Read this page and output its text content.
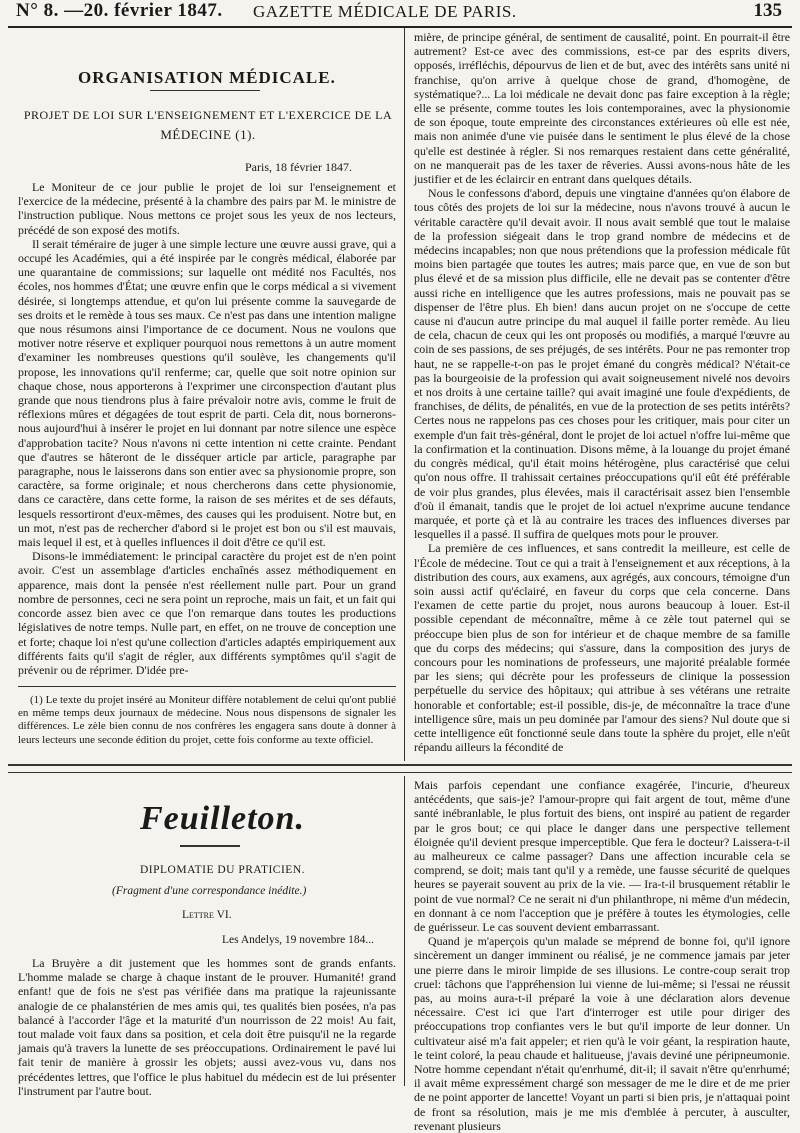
N° 8. —20. février 1847. GAZETTE MÉDICALE DE PARIS.	135
ORGANISATION MÉDICALE.
PROJET DE LOI SUR L'ENSEIGNEMENT ET L'EXERCICE DE LA
MÉDECINE (1).
Paris, 18 février 1847.

Le Moniteur de ce jour publie le projet de loi sur l'enseignement et l'exercice de la médecine, présenté à la chambre des pairs par M. le ministre de l'instruction publique. Nous mettons ce projet sous les yeux de nos lecteurs, précédé de son exposé des motifs.

Il serait téméraire de juger à une simple lecture une œuvre aussi grave, qui a occupé les Académies, qui a été inspirée par le congrès médical, élaborée par une quarantaine de commissions; sur laquelle ont médité nos Facultés, nos écoles, nos hommes d'État; une œuvre enfin que le corps médical a si vivement désirée, si longtemps attendue, et qu'on lui présente comme la sauvegarde de ses droits et le remède à tous ses maux. Ce n'est pas dans une intention maligne que nous résumons ainsi l'importance de ce document. Nous ne voulons que motiver notre réserve et expliquer pourquoi nous remettons à un autre moment d'examiner les nombreuses questions qu'il soulève, les changements qu'il propose, les innovations qu'il renferme; car, quelle que soit notre opinion sur chaque chose, nous apporterons à l'exprimer une circonspection d'autant plus grande que nous tiendrons plus à faire prévaloir notre avis, comme le fruit de réflexions mûres et dégagées de tout esprit de parti. Cela dit, nous bornerons-nous aujourd'hui à insérer le projet en lui donnant par notre silence une espèce d'approbation tacite? Nous n'avons ni cette intention ni cette crainte. Pendant que d'autres se hâteront de le disséquer article par article, paragraphe par paragraphe, nous le laisserons dans son entier avec sa physionomie propre, son caractère, sa forme originale; et nous chercherons dans cette physionomie, dans ce caractère, dans cette forme, la raison de ses mérites et de ses défauts, lesquels ressortiront d'eux-mêmes, des causes qui les produisent. Notre but, en un mot, n'est pas de rechercher d'abord si le projet est bon ou s'il est mauvais, mais lequel il est, et à quelles influences il doit d'être ce qu'il est.

Disons-le immédiatement: le principal caractère du projet est de n'en point avoir. C'est un assemblage d'articles enchaînés assez méthodiquement en apparence, mais dont la pensée n'est réellement nulle part. Pour un grand nombre de personnes, ceci ne sera point un reproche, mais un fait, et un fait qui concorde assez bien avec ce que l'on remarque dans toutes les productions législatives de notre temps. Nulle part, en effet, on ne trouve de conception une et forte; chaque loi n'est qu'une collection d'articles adaptés empiriquement aux différents faits qu'il s'agit de régler, aux différents symptômes qu'il s'agit de prévenir ou de réprimer. D'idée pre-

(1) Le texte du projet inséré au Moniteur diffère notablement de celui qu'ont publié en même temps deux journaux de médecine. Nous nous dispensons de signaler les différences. Le zèle bien connu de nos confrères les engagera sans doute à donner à leurs lecteurs une seconde édition du projet, cette fois conforme au texte officiel.

mière, de principe général, de sentiment de causalité, point. En pourrait-il être autrement? Est-ce avec des commissions, est-ce par des esprits divers, opposés, irréfléchis, dépourvus de lien et de but, avec des intérêts sans unité ni franchise, qu'on arrive à quelque chose de grand, d'homogène, de systématique?... La loi médicale ne devait donc pas faire exception à la règle; elle se présente, comme toutes les lois contemporaines, avec la physionomie de son époque, toute empreinte des circonstances extérieures où elle est née, mais non animée d'une vie puisée dans le sentiment le plus élevé de la chose qu'elle est destinée à régler. Si nos remarques restaient dans cette généralité, on ne manquerait pas de les taxer de rêveries. Aussi avons-nous hâte de les justifier et de les éclaircir en entrant dans quelques détails.

Nous le confessons d'abord, depuis une vingtaine d'années qu'on élabore de tous côtés des projets de loi sur la médecine, nous n'avons trouvé à aucun le véritable caractère qu'il devait avoir. Il nous avait semblé que tout le malaise de la profession siégeait dans le trop grand nombre de médecins et de médecins incapables; non que nous prétendions que la profession médicale fût moins bien partagée que toutes les autres; mais parce que, en vue de son but plus élevé et de sa mission plus difficile, elle ne devait pas se contenter d'être aussi riche en intelligence que les autres professions, mais ne pouvait pas se dispenser de l'être plus. Eh bien! dans aucun projet on ne s'occupe de cette cause ni d'aucun autre principe du mal auquel il faille porter remède. Au lieu de cela, chacun de ceux qui les ont proposés ou modifiés, a marqué l'œuvre au coin de ses passions, de ses préjugés, de ses intérêts. Pour ne pas remonter trop haut, ne se rappelle-t-on pas le projet émané du congrès médical? N'était-ce pas la bourgeoisie de la profession qui avait soigneusement nivelé nos devoirs et nos droits à une certaine taille? qui avait imaginé une foule d'expédients, de franchises, de délits, de pénalités, en vue de la protection de ses petits intérêts? Certes nous ne rappelons pas ces choses pour les critiquer, mais pour citer un exemple d'un fait très-général, dont le projet de loi actuel n'offre lui-même que la confirmation et la continuation. Disons même, à la louange du projet émané du congrès médical, qu'il était moins hétérogène, plus caractérisé que celui qu'on nous offre. Il trahissait certaines préoccupations qu'il eût été préférable de voir plus grandes, plus élevées, mais il caractérisait assez bien l'ensemble d'où il émanait, tandis que le projet de loi actuel n'exprime aucune tendance marquée, et porte çà et là au contraire les traces des influences diverses par lesquelles il a passé. Il suffira de quelques mots pour le prouver.

La première de ces influences, et sans contredit la meilleure, est celle de l'École de médecine. Tout ce qui a trait à l'enseignement et aux réceptions, à la distribution des cours, aux examens, aux agrégés, aux concours, témoigne d'un soin aussi actif qu'éclairé, en faveur du corps que cela concerne. Dans l'examen de cette partie du projet, nous aurons beaucoup à louer. Est-il possible cependant de méconnaître, même à ce zèle tout paternel qui se préoccupe bien plus de son for intérieur et de chaque membre de sa famille que du corps des médecins; qui s'assure, dans la composition des jurys de concours pour les nominations de professeurs, une majorité préalable formée par les siens; qui décrète pour les professeurs de clinique la possession perpétuelle du service des hôpitaux; qui attribue à ses vétérans une retraite honorable et confortable; est-il possible, dis-je, de méconnaître la trace d'une intelligence sûre, mais un peu dominée par l'amour des siens? Nul doute que si cette intelligence eût fonctionné seule dans toute la sphère du projet, elle n'eût répandu ailleurs la fécondité de

Feuilleton.
DIPLOMATIE DU PRATICIEN.
(Fragment d'une correspondance inédite.)
Lettre VI.
Les Andelys, 19 novembre 184...

La Bruyère a dit justement que les hommes sont de grands enfants. L'homme malade se charge à chaque instant de le prouver. Humanité! grand enfant! que de fois ne s'est pas vérifiée dans ma pratique la rajeunissante analogie de ce phalanstérien de mes amis qui, tes qualités bien posées, n'a pas balancé à l'accorder l'âge et la maturité d'un nourrisson de 22 mois! Au fait, tout malade voit faux dans sa position, et cela doit être puisqu'il ne la regarde jamais qu'à travers la lunette de ses préoccupations. Ordinairement le pavé lui fait tenir de manière à grossir les objets; aussi avez-vous vu, dans nos précédentes lettres, que l'office le plus habituel du médecin est de lui présenter l'instrument par l'autre bout.

Mais parfois cependant une confiance exagérée, l'incurie, d'heureux antécédents, que sais-je? l'amour-propre qui fait argent de tout, même d'une santé inébranlable, le plus fortuit des biens, ont inspiré au patient de regarder par le gros bout; ce qui place le danger dans une perspective tellement éloignée qu'il devient presque imperceptible. Que fera le docteur? Laissera-t-il au malheureux ce calme passager? Dans une affection incurable cela se comprend, se doit; mais tant qu'il y a remède, une fausse sécurité de quelques heures se payerait souvent au prix de la vie. — Ira-t-il brusquement rétablir le point de vue normal? Ce ne serait ni d'un philanthrope, ni même d'un médecin, en donnant à ce nom l'acception que je préfère à toutes les étymologies, celle de guérisseur. Le cas souvent devient embarrassant.

Quand je m'aperçois qu'un malade se méprend de bonne foi, qu'il ignore sincèrement un danger imminent ou réalisé, je ne commence jamais par jeter une pierre dans le miroir limpide de ses illusions. Le contre-coup serait trop cruel: tâchons que l'appréhension lui vienne de lui-même; si l'essai ne réussit pas, au moins aura-t-il préparé la voie à une déclaration alors devenue nécessaire. C'est ici que l'art d'interroger est utile pour diriger des préoccupations trop confiantes vers le but qu'il importe de leur donner. Un cultivateur aisé m'a fait appeler; et rien qu'à le voir géant, la respiration haute, le teint coloré, la peau chaude et halitueuse, j'avais deviné une péripneumonie. Notre homme cependant n'était qu'enrhumé, dit-il; il savait n'être qu'enrhumé; il avait même expressément chargé son messager de me le dire et de me prier de ne point apporter de lancette! Voyant un parti si bien pris, je n'attaquai point de front sa résolution, mais je me mis d'emblée à percuter, à ausculter, revenant plusieurs
